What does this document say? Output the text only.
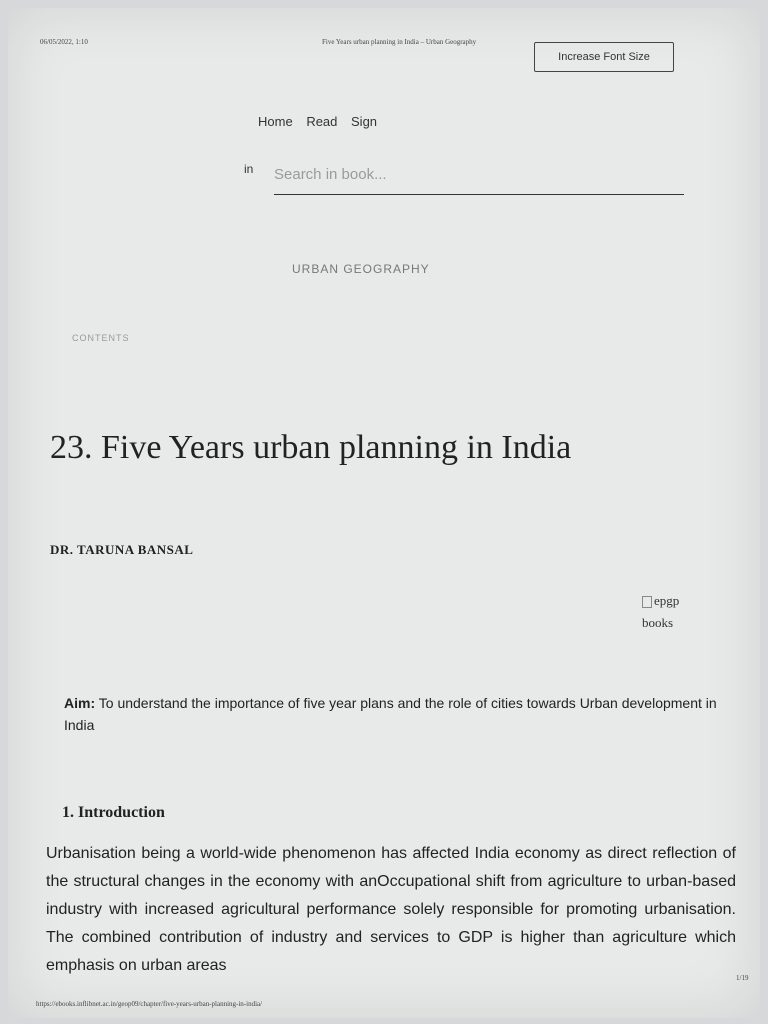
06/05/2022, 1:10	Five Years urban planning in India – Urban Geography
Increase Font Size
Home Read Sign
in
Search in book...
URBAN GEOGRAPHY
CONTENTS
23. Five Years urban planning in India
DR. TARUNA BANSAL
epgp
books
Aim: To understand the importance of five year plans and the role of cities towards Urban development in India
1. Introduction

Urbanisation being a world-wide phenomenon has affected India economy as direct reflection of the structural changes in the economy with anOccupational shift from agriculture to urban-based industry with increased agricultural performance solely responsible for promoting urbanisation. The combined contribution of industry and services to GDP is higher than agriculture which emphasis on urban areas

1/19
https://ebooks.inflibnet.ac.in/geop09/chapter/five-years-urban-planning-in-india/
